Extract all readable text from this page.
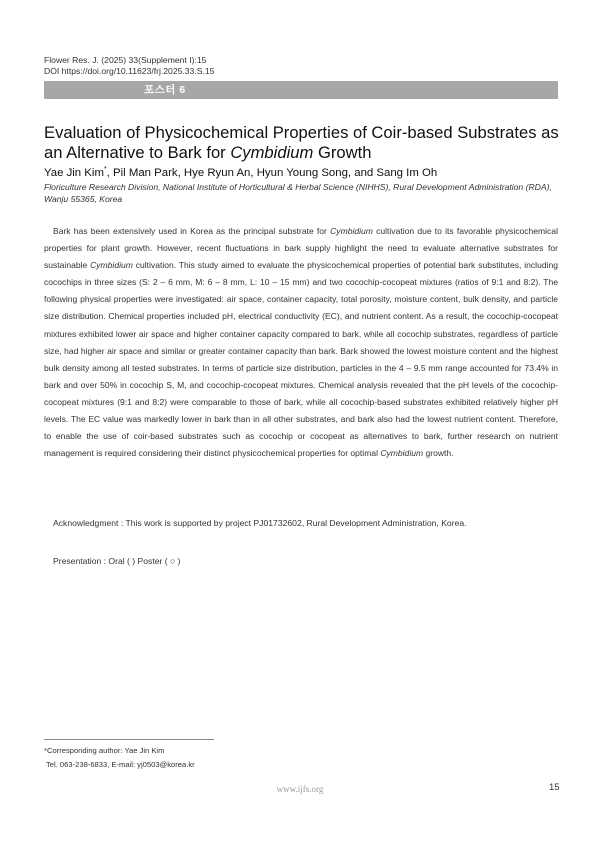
Flower Res. J. (2025) 33(Supplement I):15
DOI https://doi.org/10.11623/frj.2025.33.S.15
포스터 6
Evaluation of Physicochemical Properties of Coir-based Substrates as an Alternative to Bark for Cymbidium Growth
Yae Jin Kim*, Pil Man Park, Hye Ryun An, Hyun Young Song, and Sang Im Oh
Floriculture Research Division, National Institute of Horticultural & Herbal Science (NIHHS), Rural Development Administration (RDA), Wanju 55365, Korea

Bark has been extensively used in Korea as the principal substrate for Cymbidium cultivation due to its favorable physicochemical properties for plant growth. However, recent fluctuations in bark supply highlight the need to evaluate alternative substrates for sustainable Cymbidium cultivation. This study aimed to evaluate the physicochemical properties of potential bark substitutes, including cocochips in three sizes (S: 2 – 6 mm, M: 6 – 8 mm, L: 10 – 15 mm) and two cocochip-cocopeat mixtures (ratios of 9:1 and 8:2). The following physical properties were investigated: air space, container capacity, total porosity, moisture content, bulk density, and particle size distribution. Chemical properties included pH, electrical conductivity (EC), and nutrient content. As a result, the cocochip-cocopeat mixtures exhibited lower air space and higher container capacity compared to bark, while all cocochip substrates, regardless of particle size, had higher air space and similar or greater container capacity than bark. Bark showed the lowest moisture content and the highest bulk density among all tested substrates. In terms of particle size distribution, particles in the 4 – 9.5 mm range accounted for 73.4% in bark and over 50% in cocochip S, M, and cocochip-cocopeat mixtures. Chemical analysis revealed that the pH levels of the cocochip-cocopeat mixtures (9:1 and 8:2) were comparable to those of bark, while all cocochip-based substrates exhibited relatively higher pH levels. The EC value was markedly lower in bark than in all other substrates, and bark also had the lowest nutrient content. Therefore, to enable the use of coir-based substrates such as cocochip or cocopeat as alternatives to bark, further research on nutrient management is required considering their distinct physicochemical properties for optimal Cymbidium growth.

Acknowledgment : This work is supported by project PJ01732602, Rural Development Administration, Korea.
Presentation : Oral ( ) Poster ( ○ )
*Corresponding author: Yae Jin Kim
Tel. 063-238-6833, E-mail: yj0503@korea.kr
www.ijfs.org	15
